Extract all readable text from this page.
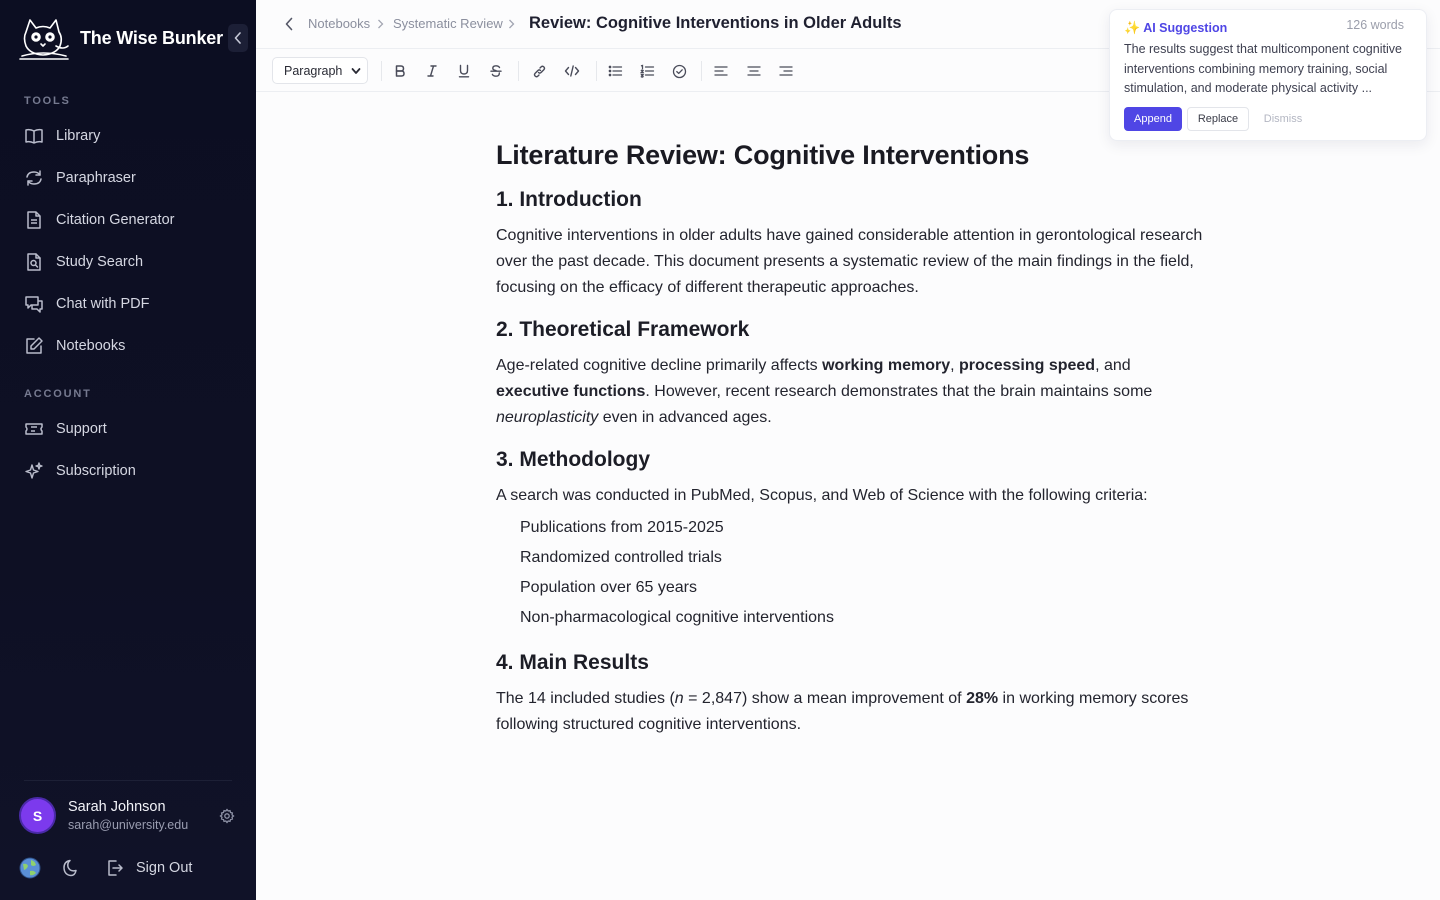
The Wise Bunker
TOOLS
Library
Paraphraser
Citation Generator
Study Search
Chat with PDF
Notebooks
ACCOUNT
Support
Subscription
S
Sarah Johnson
sarah@university.edu
Sign Out
Notebooks Systematic Review Review: Cognitive Interventions in Older Adults
Paragraph
Literature Review: Cognitive Interventions
1. Introduction

Cognitive interventions in older adults have gained considerable attention in gerontological research over the past decade. This document presents a systematic review of the main findings in the field, focusing on the efficacy of different therapeutic approaches.

2. Theoretical Framework

Age-related cognitive decline primarily affects working memory, processing speed, and executive functions. However, recent research demonstrates that the brain maintains some neuroplasticity even in advanced ages.

3. Methodology

A search was conducted in PubMed, Scopus, and Web of Science with the following criteria:

Publications from 2015-2025
Randomized controlled trials
Population over 65 years
Non-pharmacological cognitive interventions
4. Main Results

The 14 included studies (n = 2,847) show a mean improvement of 28% in working memory scores following structured cognitive interventions.

✨ AI Suggestion	126 words
The results suggest that multicomponent cognitive interventions combining memory training, social stimulation, and moderate physical activity ...
Append	Replace	Dismiss
